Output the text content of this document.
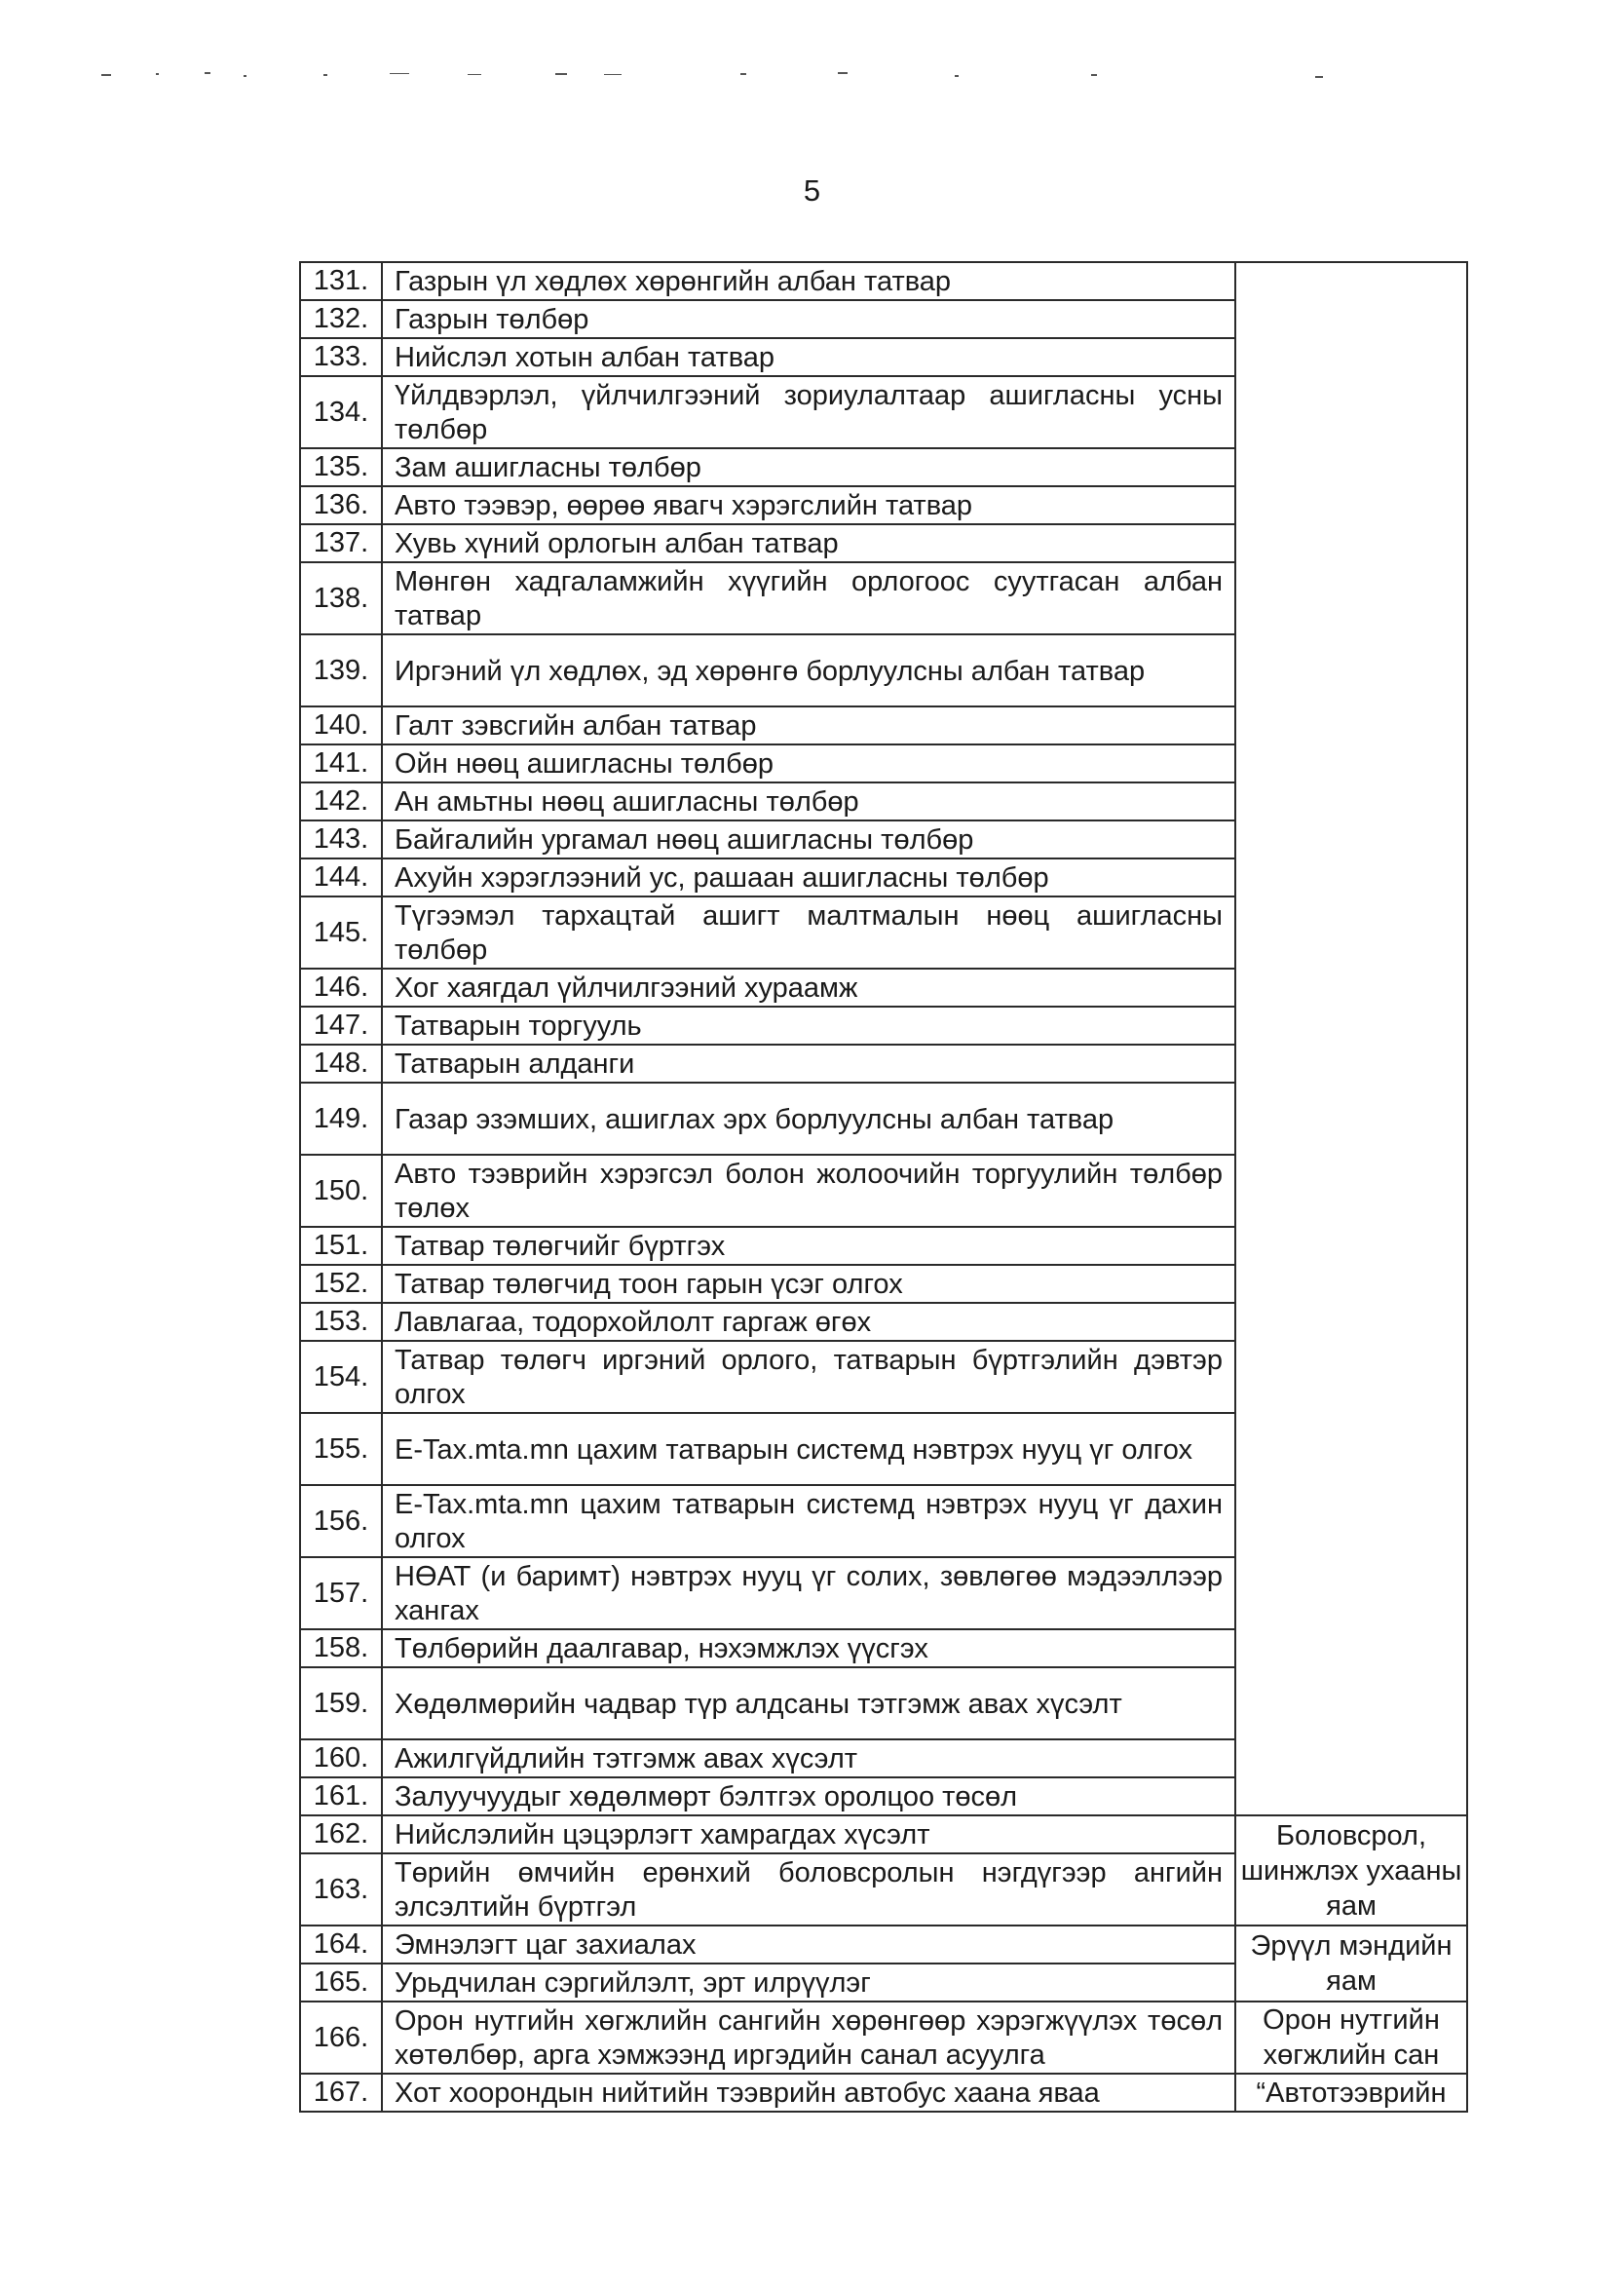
5
131.	Газрын үл хөдлөх хөрөнгийн албан татвар	
132.	Газрын төлбөр	
133.	Нийслэл хотын албан татвар	
134.	Үйлдвэрлэл, үйлчилгээний зориулалтаар ашигласны усны төлбөр	
135.	Зам ашигласны төлбөр	
136.	Авто тээвэр, өөрөө явагч хэрэгслийн татвар	
137.	Хувь хүний орлогын албан татвар	
138.	Мөнгөн хадгаламжийн хүүгийн орлогоос суутгасан албан татвар	
139.	Иргэний үл хөдлөх, эд хөрөнгө борлуулсны албан татвар	
140.	Галт зэвсгийн албан татвар	
141.	Ойн нөөц ашигласны төлбөр	
142.	Ан амьтны нөөц ашигласны төлбөр	
143.	Байгалийн ургамал нөөц ашигласны төлбөр	
144.	Ахуйн хэрэглээний ус, рашаан ашигласны төлбөр	
145.	Түгээмэл тархацтай ашигт малтмалын нөөц ашигласны төлбөр	
146.	Хог хаягдал үйлчилгээний хураамж	
147.	Татварын торгууль	
148.	Татварын алданги	
149.	Газар эзэмших, ашиглах эрх борлуулсны албан татвар	
150.	Авто тээврийн хэрэгсэл болон жолоочийн торгуулийн төлбөр төлөх	
151.	Татвар төлөгчийг бүртгэх	
152.	Татвар төлөгчид тоон гарын үсэг олгох	
153.	Лавлагаа, тодорхойлолт гаргаж өгөх	
154.	Татвар төлөгч иргэний орлого, татварын бүртгэлийн дэвтэр олгох	
155.	E-Tax.mta.mn цахим татварын системд нэвтрэх нууц үг олгох	
156.	E-Tax.mta.mn цахим татварын системд нэвтрэх нууц үг дахин олгох	
157.	НӨАТ (и баримт) нэвтрэх нууц үг солих, зөвлөгөө мэдээллээр хангах	
158.	Төлбөрийн даалгавар, нэхэмжлэх үүсгэх	
159.	Хөдөлмөрийн чадвар түр алдсаны тэтгэмж авах хүсэлт	
160.	Ажилгүйдлийн тэтгэмж авах хүсэлт	
161.	Залуучуудыг хөдөлмөрт бэлтгэх оролцоо төсөл	
162.	Нийслэлийн цэцэрлэгт хамрагдах хүсэлт	Боловсрол, шинжлэх ухааны яам
163.	Төрийн өмчийн ерөнхий боловсролын нэгдүгээр ангийн элсэлтийн бүртгэл	
164.	Эмнэлэгт цаг захиалах	Эрүүл мэндийн яам
165.	Урьдчилан сэргийлэлт, эрт илрүүлэг	
166.	Орон нутгийн хөгжлийн сангийн хөрөнгөөр хэрэгжүүлэх төсөл хөтөлбөр, арга хэмжээнд иргэдийн санал асуулга	Орон нутгийн хөгжлийн сан
167.	Хот хоорондын нийтийн тээврийн автобус хаана яваа	“Автотээврийн
